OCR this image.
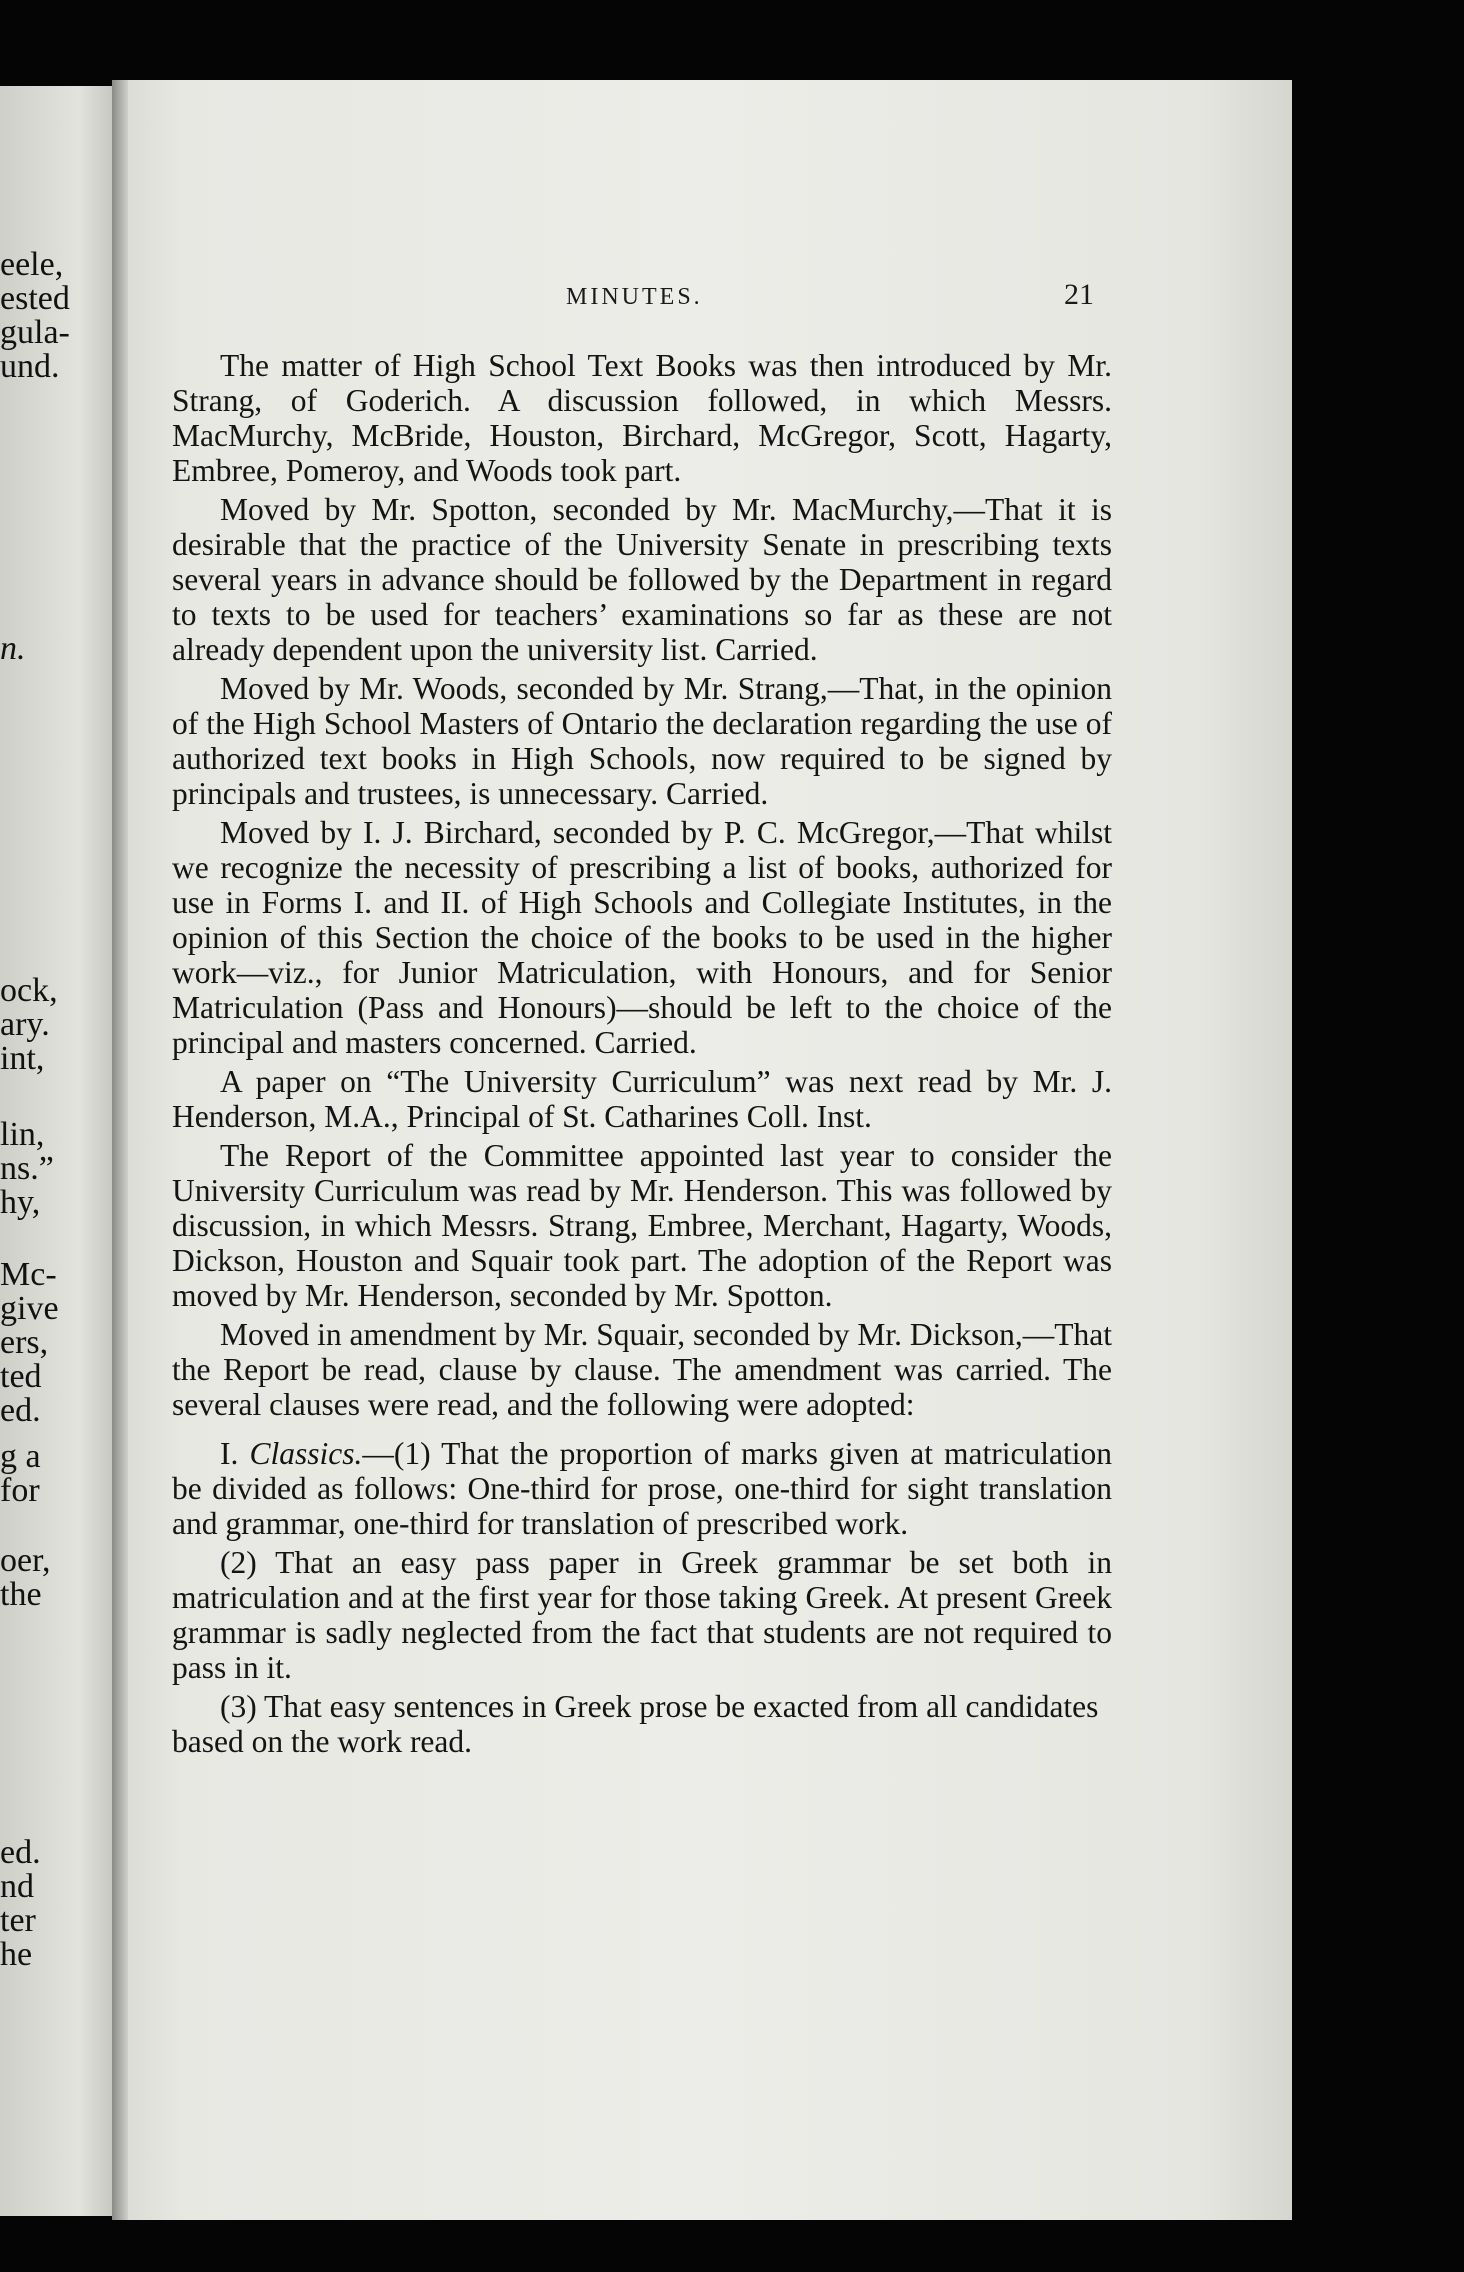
eele,
ested
gula-
und.
n.
ock,
ary.
int,
lin,
ns.”
hy,
Mc-
give
ers,
ted
ed.
g a
for
oer,
the
ed.
nd
ter
he
MINUTES.	21

The matter of High School Text Books was then introduced by Mr. Strang, of Goderich. A discussion followed, in which Messrs. MacMurchy, McBride, Houston, Birchard, McGregor, Scott, Hagarty, Embree, Pomeroy, and Woods took part.

Moved by Mr. Spotton, seconded by Mr. MacMurchy,—That it is desirable that the practice of the University Senate in prescribing texts several years in advance should be followed by the Department in regard to texts to be used for teachers’ examinations so far as these are not already dependent upon the university list. Carried.

Moved by Mr. Woods, seconded by Mr. Strang,—That, in the opinion of the High School Masters of Ontario the declaration regarding the use of authorized text books in High Schools, now required to be signed by principals and trustees, is unnecessary. Carried.

Moved by I. J. Birchard, seconded by P. C. McGregor,—That whilst we recognize the necessity of prescribing a list of books, authorized for use in Forms I. and II. of High Schools and Collegiate Institutes, in the opinion of this Section the choice of the books to be used in the higher work—viz., for Junior Matriculation, with Honours, and for Senior Matriculation (Pass and Honours)—should be left to the choice of the principal and masters concerned. Carried.

A paper on “The University Curriculum” was next read by Mr. J. Henderson, M.A., Principal of St. Catharines Coll. Inst.

The Report of the Committee appointed last year to consider the University Curriculum was read by Mr. Henderson. This was followed by discussion, in which Messrs. Strang, Embree, Merchant, Hagarty, Woods, Dickson, Houston and Squair took part. The adoption of the Report was moved by Mr. Henderson, seconded by Mr. Spotton.

Moved in amendment by Mr. Squair, seconded by Mr. Dickson,—That the Report be read, clause by clause. The amendment was carried. The several clauses were read, and the following were adopted:

I. Classics.—(1) That the proportion of marks given at matriculation be divided as follows: One-third for prose, one-third for sight translation and grammar, one-third for translation of prescribed work.

(2) That an easy pass paper in Greek grammar be set both in matriculation and at the first year for those taking Greek. At present Greek grammar is sadly neglected from the fact that students are not required to pass in it.

(3) That easy sentences in Greek prose be exacted from all candidates based on the work read.
